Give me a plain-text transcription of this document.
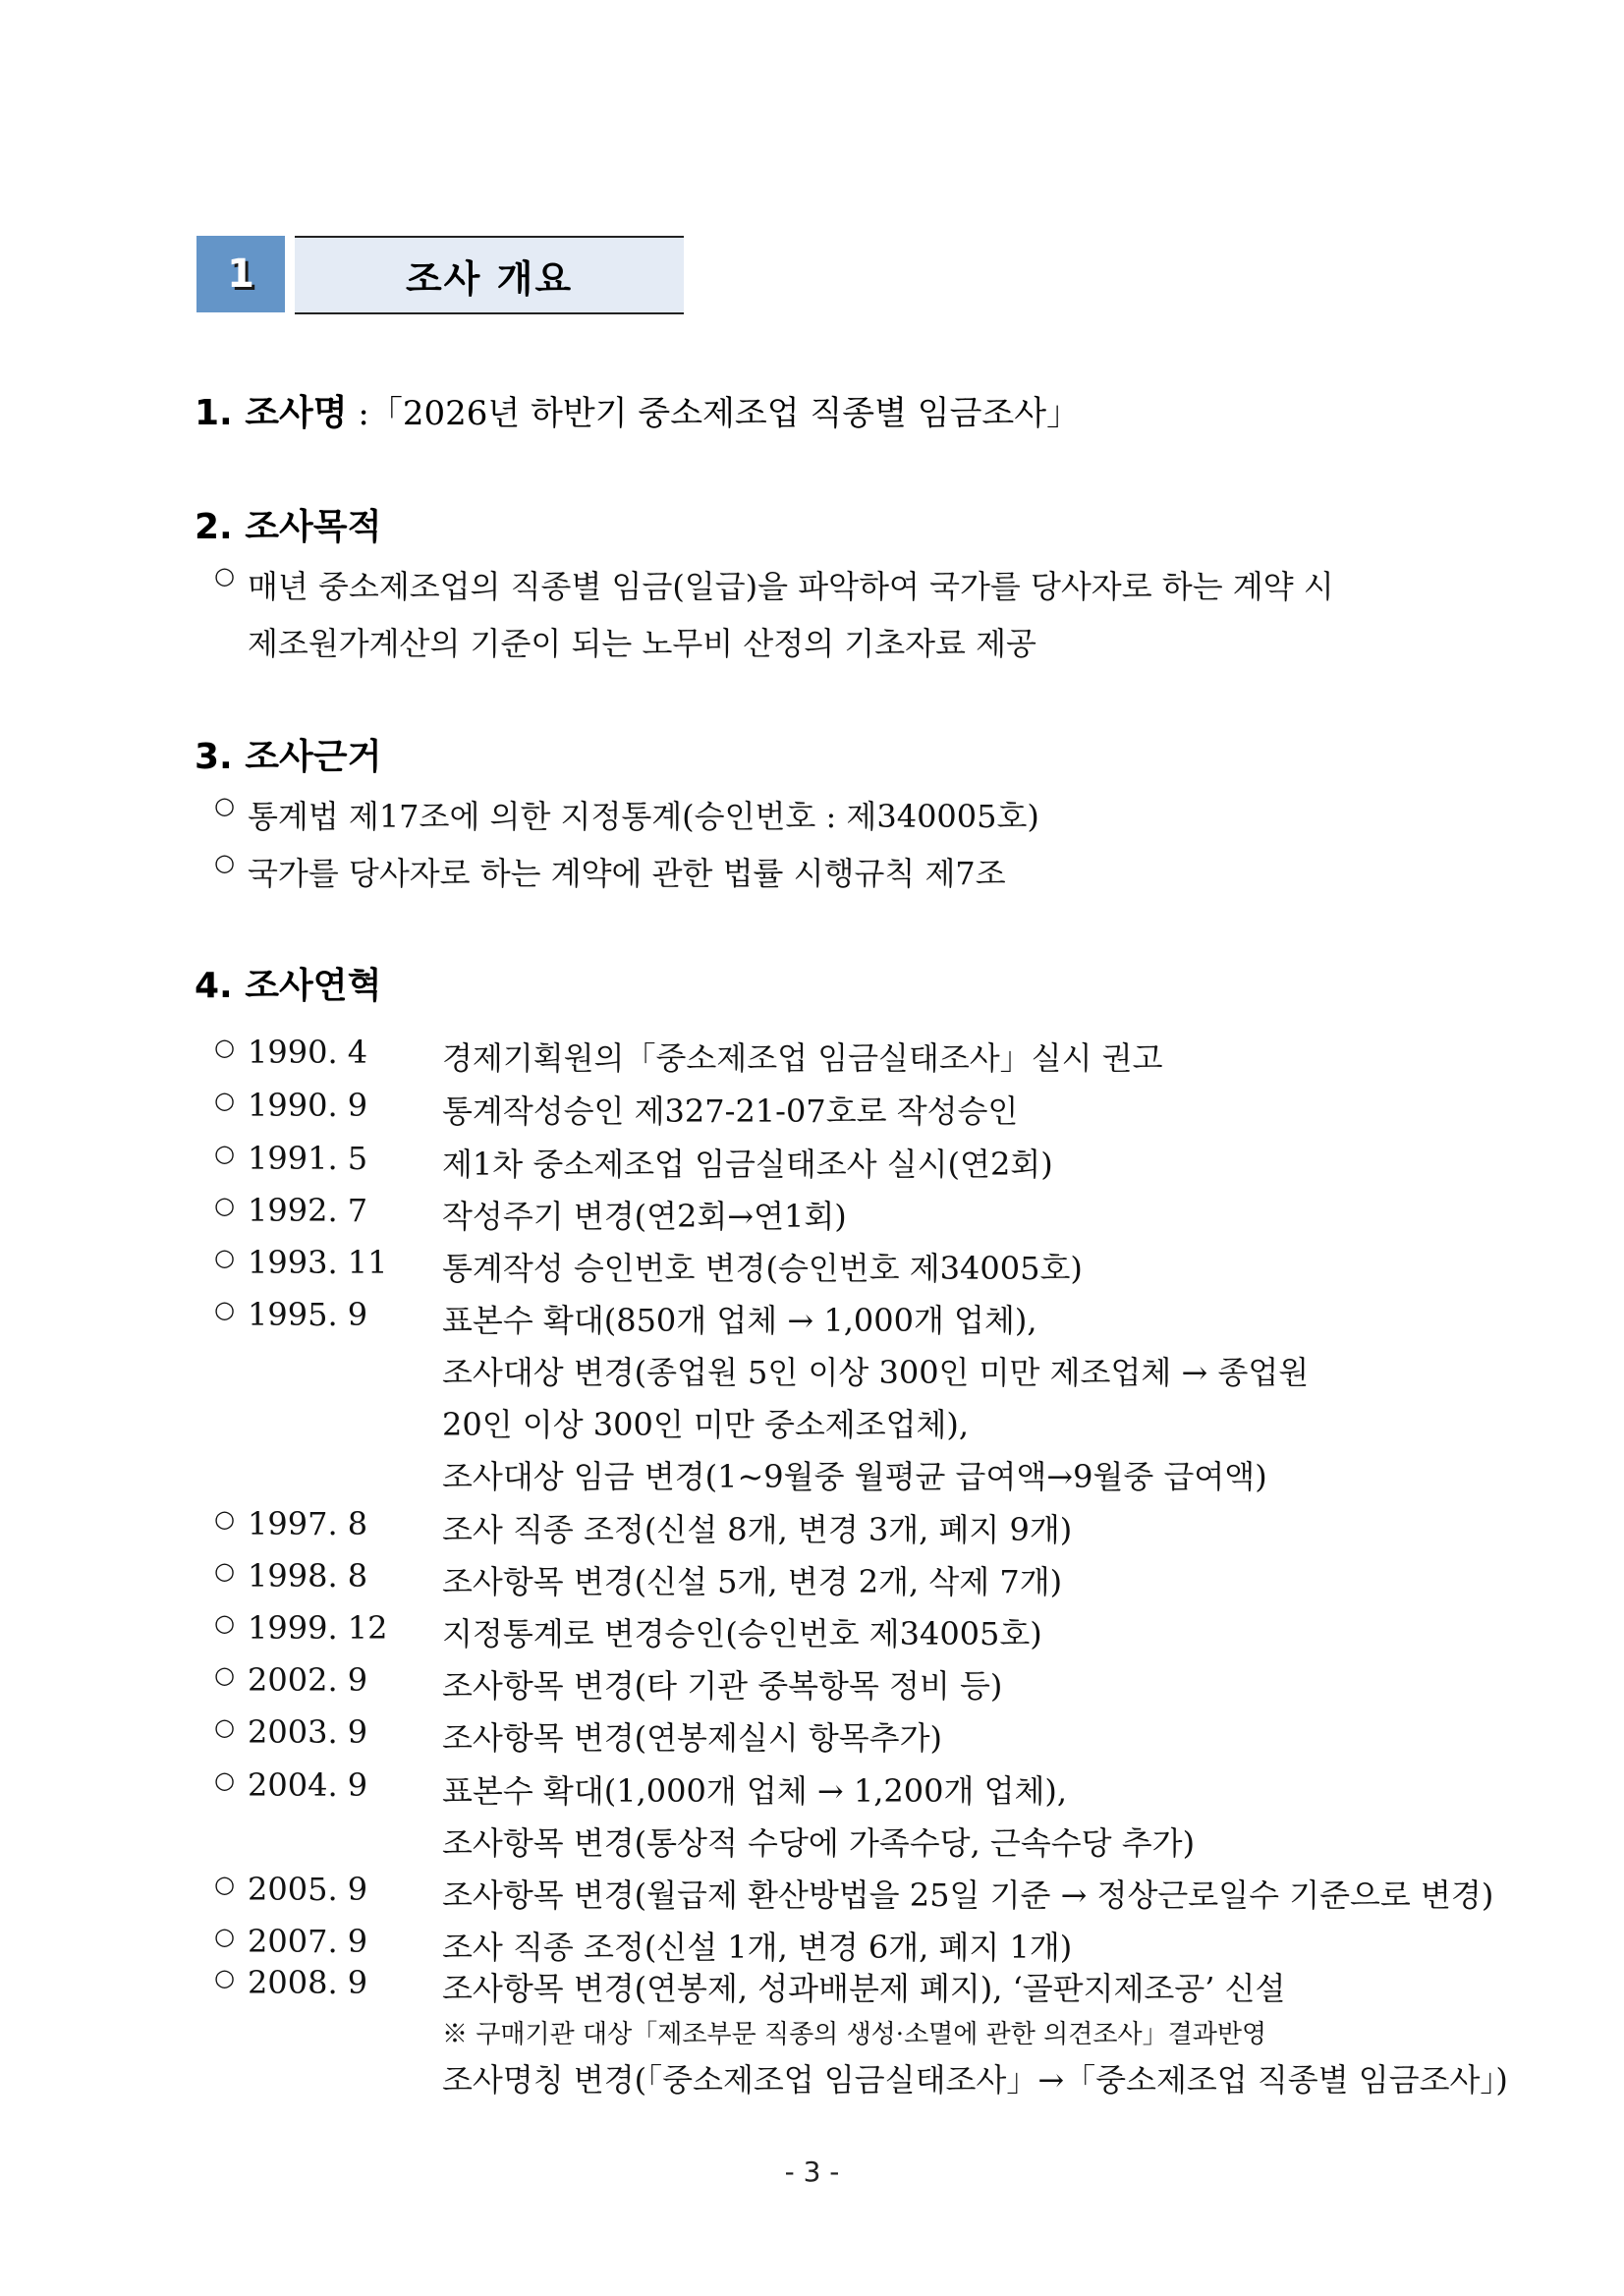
1	조사 개요
1. 조사명 :「2026년 하반기 중소제조업 직종별 임금조사」
2. 조사목적
○ 매년 중소제조업의 직종별 임금(일급)을 파악하여 국가를 당사자로 하는 계약 시
제조원가계산의 기준이 되는 노무비 산정의 기초자료 제공
3. 조사근거
○ 통계법 제17조에 의한 지정통계(승인번호 : 제340005호)
○ 국가를 당사자로 하는 계약에 관한 법률 시행규칙 제7조
4. 조사연혁
○ 1990. 4 경제기획원의「중소제조업 임금실태조사」실시 권고
○ 1990. 9 통계작성승인 제327-21-07호로 작성승인
○ 1991. 5 제1차 중소제조업 임금실태조사 실시(연2회)
○ 1992. 7 작성주기 변경(연2회→연1회)
○ 1993. 11 통계작성 승인번호 변경(승인번호 제34005호)
○ 1995. 9 표본수 확대(850개 업체 → 1,000개 업체),
조사대상 변경(종업원 5인 이상 300인 미만 제조업체 → 종업원
20인 이상 300인 미만 중소제조업체),
조사대상 임금 변경(1~9월중 월평균 급여액→9월중 급여액)
○ 1997. 8 조사 직종 조정(신설 8개, 변경 3개, 폐지 9개)
○ 1998. 8 조사항목 변경(신설 5개, 변경 2개, 삭제 7개)
○ 1999. 12 지정통계로 변경승인(승인번호 제34005호)
○ 2002. 9 조사항목 변경(타 기관 중복항목 정비 등)
○ 2003. 9 조사항목 변경(연봉제실시 항목추가)
○ 2004. 9 표본수 확대(1,000개 업체 → 1,200개 업체),
조사항목 변경(통상적 수당에 가족수당, 근속수당 추가)
○ 2005. 9 조사항목 변경(월급제 환산방법을 25일 기준 → 정상근로일수 기준으로 변경)
○ 2007. 9 조사 직종 조정(신설 1개, 변경 6개, 폐지 1개)
○ 2008. 9 조사항목 변경(연봉제, 성과배분제 폐지), ‘골판지제조공’ 신설
※ 구매기관 대상「제조부문 직종의 생성·소멸에 관한 의견조사」결과반영
조사명칭 변경(「중소제조업 임금실태조사」→「중소제조업 직종별 임금조사」)
- 3 -
